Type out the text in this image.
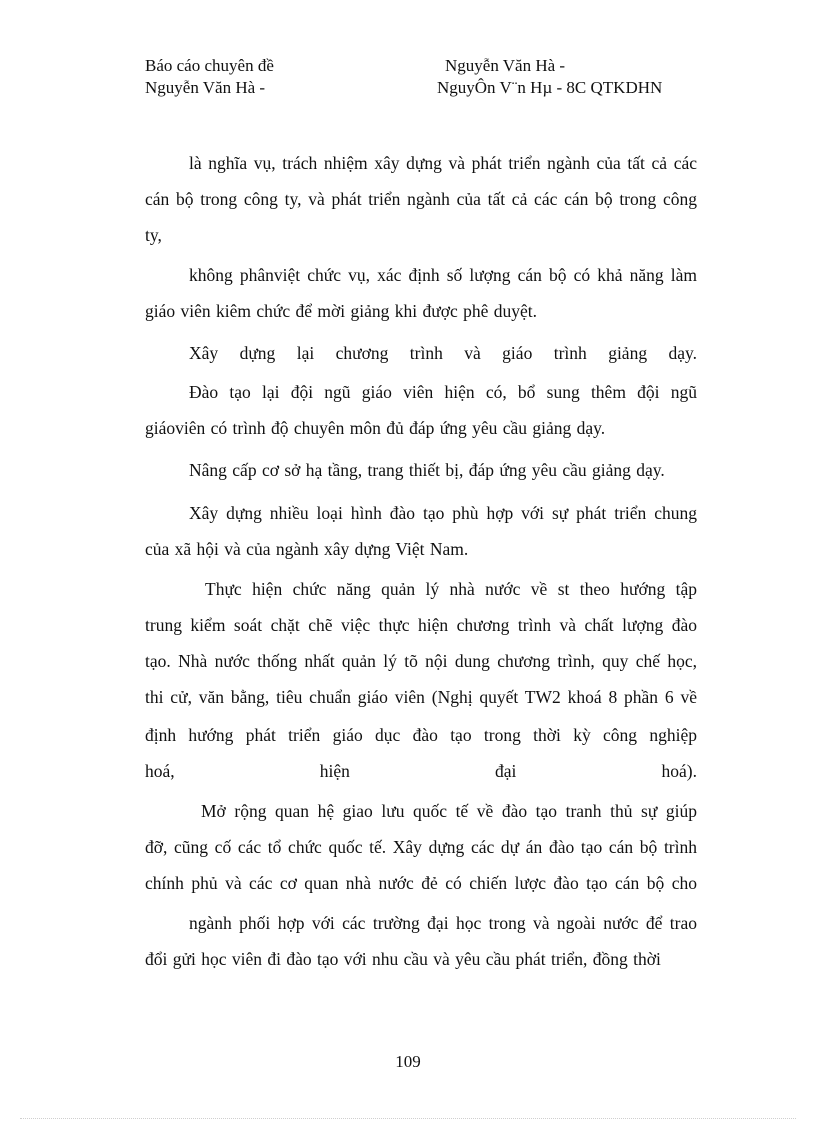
Báo cáo chuyên đề
Nguyễn Văn Hà -
Nguyễn Văn Hà -
NguyÔn V¨n Hµ - 8C QTKDHN
là nghĩa vụ, trách nhiệm xây dựng và phát triển ngành của tất cả các
cán bộ trong công ty, và phát triển ngành của tất cả các cán bộ trong công
ty,
không phânviệt chức vụ, xác định số lượng cán bộ có khả năng làm
giáo viên kiêm chức để mời giảng khi được phê duyệt.
Xây dựng lại chương trình và giáo trình giảng dạy.
Đào tạo lại đội ngũ giáo viên hiện có, bổ sung thêm đội ngũ
giáoviên có trình độ chuyên môn đủ đáp ứng yêu cầu giảng dạy.
Nâng cấp cơ sở hạ tầng, trang thiết bị, đáp ứng yêu cầu giảng dạy.
Xây dựng nhiều loại hình đào tạo phù hợp với sự phát triển chung
của xã hội và của ngành xây dựng Việt Nam.
Thực hiện chức năng quản lý nhà nước về st theo hướng tập
trung kiểm soát chặt chẽ việc thực hiện chương trình và chất lượng đào
tạo. Nhà nước thống nhất quản lý tõ nội dung chương trình, quy chế học,
thi cử, văn bằng, tiêu chuẩn giáo viên (Nghị quyết TW2 khoá 8 phần 6 về
định hướng phát triển giáo dục đào tạo trong thời kỳ công nghiệp
hoá, hiện đại hoá).
Mở rộng quan hệ giao lưu quốc tế về đào tạo tranh thủ sự giúp
đỡ, cũng cố các tổ chức quốc tế. Xây dựng các dự án đào tạo cán bộ trình
chính phủ và các cơ quan nhà nước đẻ có chiến lược đào tạo cán bộ cho
ngành phối hợp với các trường đại học trong và ngoài nước để trao
đổi gửi học viên đi đào tạo với nhu cầu và yêu cầu phát triển, đồng thời
109
